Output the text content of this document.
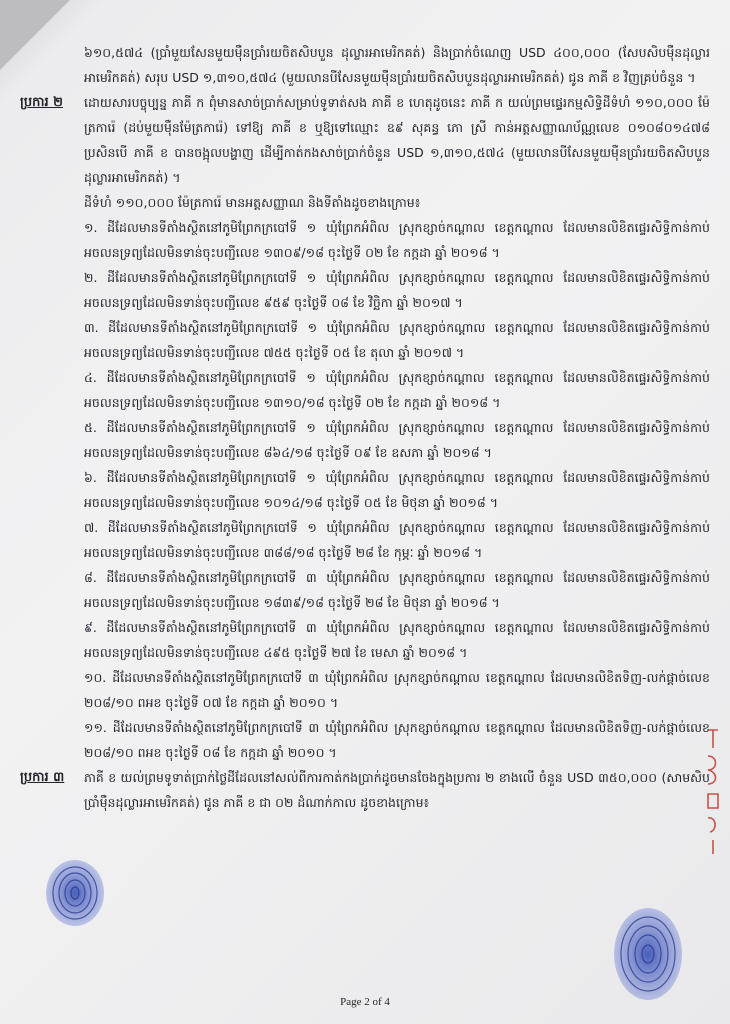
៦១០,៥៧៤ (ប្រាំមួយសែនមួយម៉ឺនប្រាំរយចិតសិបបួន ដុល្លារអាមេរិកគត់) និងប្រាក់ចំណេញ USD ៤០០,០០០ (សែបសិបម៉ឺនដុល្លារអាមេរិកគត់) សរុប USD ១,៣១០,៥៧៤ (មួយលានបីសែនមួយម៉ឺនប្រាំរយចិតសិបបួនដុល្លារអាមេរិកគត់) ជូន ភាគី ខ វិញគ្រប់ចំនួន ។

ប្រការ ២	ដោយសារបច្ចុប្បន្ន ភាគី ក ពុំមានសាច់ប្រាក់សម្រាប់ទូទាត់សង ភាគី ខ ហេតុដូចនេះ ភាគី ក យល់ព្រមផ្ទេរកម្មសិទ្ធិដីទំហំ ១១០,០០០ ម៉ែត្រការ៉េ (ដប់មួយម៉ឺនម៉ែត្រការ៉េ) ទៅឱ្យ ភាគី ខ ឬឱ្យទៅឈ្មោះ ឧ៩ សុគន្ធ ភោ ស្រី កាន់អត្តសញ្ញាណប័ណ្ណលេខ ០១០៨០១៤៧៨ ប្រសិនបើ ភាគី ខ បានចង្អុលបង្ហាញ ដើម្បីកាត់កងសាច់ប្រាក់ចំនួន USD ១,៣១០,៥៧៤ (មួយលានបីសែនមួយម៉ឺនប្រាំរយចិតសិបបួនដុល្លារអាមេរិកគត់) ។

ដីទំហំ ១១០,០០០ ម៉ែត្រការ៉េ មានអត្តសញ្ញាណ និងទីតាំងដូចខាងក្រោម៖

១. ដីដែលមានទីតាំងស្ថិតនៅភូមិព្រែកក្របៅទី ១ ឃុំព្រែកអំពិល ស្រុកខ្សាច់កណ្ដាល ខេត្តកណ្ដាល ដែលមានលិខិតផ្ទេរសិទ្ធិកាន់កាប់អចលនទ្រព្យដែលមិនទាន់ចុះបញ្ជីលេខ ១៣០៩/១៨ ចុះថ្ងៃទី ០២ ខែ កក្កដា ឆ្នាំ ២០១៨ ។

២. ដីដែលមានទីតាំងស្ថិតនៅភូមិព្រែកក្របៅទី ១ ឃុំព្រែកអំពិល ស្រុកខ្សាច់កណ្ដាល ខេត្តកណ្ដាល ដែលមានលិខិតផ្ទេរសិទ្ធិកាន់កាប់អចលនទ្រព្យដែលមិនទាន់ចុះបញ្ជីលេខ ៩៥៩ ចុះថ្ងៃទី ០៨ ខែ វិច្ឆិកា ឆ្នាំ ២០១៧ ។

៣. ដីដែលមានទីតាំងស្ថិតនៅភូមិព្រែកក្របៅទី ១ ឃុំព្រែកអំពិល ស្រុកខ្សាច់កណ្ដាល ខេត្តកណ្ដាល ដែលមានលិខិតផ្ទេរសិទ្ធិកាន់កាប់អចលនទ្រព្យដែលមិនទាន់ចុះបញ្ជីលេខ ៧៥៥ ចុះថ្ងៃទី ០៥ ខែ តុលា ឆ្នាំ ២០១៧ ។

៤. ដីដែលមានទីតាំងស្ថិតនៅភូមិព្រែកក្របៅទី ១ ឃុំព្រែកអំពិល ស្រុកខ្សាច់កណ្ដាល ខេត្តកណ្ដាល ដែលមានលិខិតផ្ទេរសិទ្ធិកាន់កាប់អចលនទ្រព្យដែលមិនទាន់ចុះបញ្ជីលេខ ១៣១០/១៨ ចុះថ្ងៃទី ០២ ខែ កក្កដា ឆ្នាំ ២០១៨ ។

៥. ដីដែលមានទីតាំងស្ថិតនៅភូមិព្រែកក្របៅទី ១ ឃុំព្រែកអំពិល ស្រុកខ្សាច់កណ្ដាល ខេត្តកណ្ដាល ដែលមានលិខិតផ្ទេរសិទ្ធិកាន់កាប់អចលនទ្រព្យដែលមិនទាន់ចុះបញ្ជីលេខ ៨៦៤/១៨ ចុះថ្ងៃទី ០៩ ខែ ឧសភា ឆ្នាំ ២០១៨ ។

៦. ដីដែលមានទីតាំងស្ថិតនៅភូមិព្រែកក្របៅទី ១ ឃុំព្រែកអំពិល ស្រុកខ្សាច់កណ្ដាល ខេត្តកណ្ដាល ដែលមានលិខិតផ្ទេរសិទ្ធិកាន់កាប់អចលនទ្រព្យដែលមិនទាន់ចុះបញ្ជីលេខ ១០១៤/១៨ ចុះថ្ងៃទី ០៥ ខែ មិថុនា ឆ្នាំ ២០១៨ ។

៧. ដីដែលមានទីតាំងស្ថិតនៅភូមិព្រែកក្របៅទី ១ ឃុំព្រែកអំពិល ស្រុកខ្សាច់កណ្ដាល ខេត្តកណ្ដាល ដែលមានលិខិតផ្ទេរសិទ្ធិកាន់កាប់អចលនទ្រព្យដែលមិនទាន់ចុះបញ្ជីលេខ ៣៨៨/១៨ ចុះថ្ងៃទី ២៨ ខែ កុម្ភៈ ឆ្នាំ ២០១៨ ។

៨. ដីដែលមានទីតាំងស្ថិតនៅភូមិព្រែកក្របៅទី ៣ ឃុំព្រែកអំពិល ស្រុកខ្សាច់កណ្ដាល ខេត្តកណ្ដាល ដែលមានលិខិតផ្ទេរសិទ្ធិកាន់កាប់អចលនទ្រព្យដែលមិនទាន់ចុះបញ្ជីលេខ ១៨៣៩/១៨ ចុះថ្ងៃទី ២៨ ខែ មិថុនា ឆ្នាំ ២០១៨ ។

៩. ដីដែលមានទីតាំងស្ថិតនៅភូមិព្រែកក្របៅទី ៣ ឃុំព្រែកអំពិល ស្រុកខ្សាច់កណ្ដាល ខេត្តកណ្ដាល ដែលមានលិខិតផ្ទេរសិទ្ធិកាន់កាប់អចលនទ្រព្យដែលមិនទាន់ចុះបញ្ជីលេខ ៤៩៥ ចុះថ្ងៃទី ២៧ ខែ មេសា ឆ្នាំ ២០១៨ ។

១០. ដីដែលមានទីតាំងស្ថិតនៅភូមិព្រែកក្របៅទី ៣ ឃុំព្រែកអំពិល ស្រុកខ្សាច់កណ្ដាល ខេត្តកណ្ដាល ដែលមានលិខិតទិញ-លក់ផ្ដាច់លេខ ២០៨/១០ ពអខ ចុះថ្ងៃទី ០៧ ខែ កក្កដា ឆ្នាំ ២០១០ ។

១១. ដីដែលមានទីតាំងស្ថិតនៅភូមិព្រែកក្របៅទី ៣ ឃុំព្រែកអំពិល ស្រុកខ្សាច់កណ្ដាល ខេត្តកណ្ដាល ដែលមានលិខិតទិញ-លក់ផ្ដាច់លេខ ២០៨/១០ ពអខ ចុះថ្ងៃទី ០៨ ខែ កក្កដា ឆ្នាំ ២០១០ ។

ប្រការ ៣	ភាគី ខ យល់ព្រមទូទាត់ប្រាក់ថ្លៃដីដែលនៅសល់ពីការកាត់កងប្រាក់ដូចមានចែងក្នុងប្រការ ២ ខាងលើ ចំនួន USD ៣៥០,០០០ (សាមសិបប្រាំម៉ឺនដុល្លារអាមេរិកគត់) ជូន ភាគី ខ ជា ០២ ដំណាក់កាល ដូចខាងក្រោម៖

Page 2 of 4
